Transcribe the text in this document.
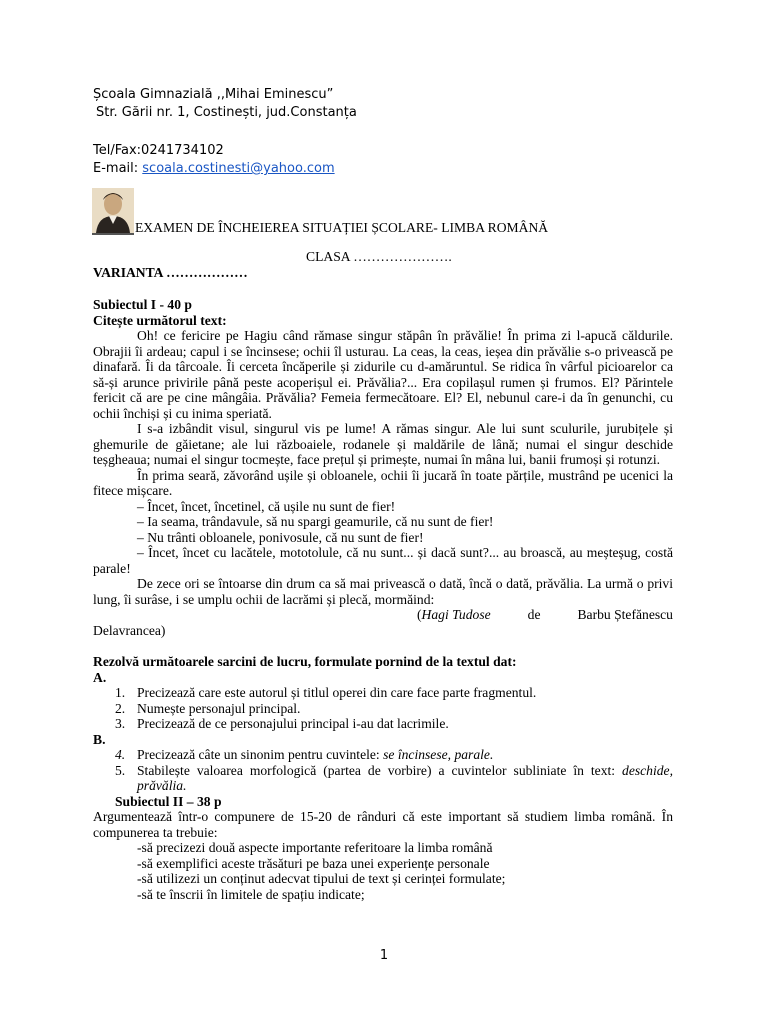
Școala Gimnazială ,,Mihai Eminescu”
Str. Gării nr. 1, Costinești, jud.Constanța
Tel/Fax:0241734102
E-mail: scoala.costinesti@yahoo.com
EXAMEN DE ÎNCHEIEREA SITUAȚIEI ȘCOLARE- LIMBA ROMÂNĂ
CLASA ………………….
VARIANTA ………………

Subiectul I - 40 p

Citește următorul text:

Oh! ce fericire pe Hagiu când rămase singur stăpân în prăvălie! În prima zi l-apucă căldurile. Obrajii îi ardeau; capul i se încinsese; ochii îl usturau. La ceas, la ceas, ieșea din prăvălie s-o privească pe dinafară. Îi da târcoale. Îi cerceta încăperile și zidurile cu d-amăruntul. Se ridica în vârful picioarelor ca să-și arunce privirile până peste acoperișul ei. Prăvălia?... Era copilașul rumen și frumos. El? Părintele fericit că are pe cine mângâia. Prăvălia? Femeia fermecătoare. El? El, nebunul care-i da în genunchi, cu ochii închiși și cu inima speriată.

I s-a izbândit visul, singurul vis pe lume! A rămas singur. Ale lui sunt sculurile, jurubițele și ghemurile de găietane; ale lui războaiele, rodanele și maldările de lână; numai el singur deschide teșgheaua; numai el singur tocmește, face prețul și primește, numai în mâna lui, banii frumoși și rotunzi.

În prima seară, zăvorând ușile și obloanele, ochii îi jucară în toate părțile, mustrând pe ucenici la fitece mișcare.

– Încet, încet, încetinel, că ușile nu sunt de fier!

– Ia seama, trândavule, să nu spargi geamurile, că nu sunt de fier!

– Nu trânti obloanele, ponivosule, că nu sunt de fier!

– Încet, încet cu lacătele, mototolule, că nu sunt... și dacă sunt?... au broască, au meșteșug, costă parale!

De zece ori se întoarse din drum ca să mai privească o dată, încă o dată, prăvălia. La urmă o privi lung, îi surâse, i se umplu ochii de lacrămi și plecă, mormăind:

(Hagi Tudose	de	Barbu Ștefănescu

Delavrancea)

Rezolvă următoarele sarcini de lucru, formulate pornind de la textul dat:

A.

1. Precizează care este autorul și titlul operei din care face parte fragmentul.

2. Numește personajul principal.

3. Precizează de ce personajului principal i-au dat lacrimile.

B.

4. Precizează câte un sinonim pentru cuvintele: se încinsese, parale.

5. Stabilește valoarea morfologică (partea de vorbire) a cuvintelor subliniate în text: deschide, prăvălia.

Subiectul II – 38 p

Argumentează într-o compunere de 15-20 de rânduri că este important să studiem limba română. În compunerea ta trebuie:

-să precizezi două aspecte importante referitoare la limba română

-să exemplifici aceste trăsături pe baza unei experiențe personale

-să utilizezi un conținut adecvat tipului de text și cerinței formulate;

-să te înscrii în limitele de spațiu indicate;

1
